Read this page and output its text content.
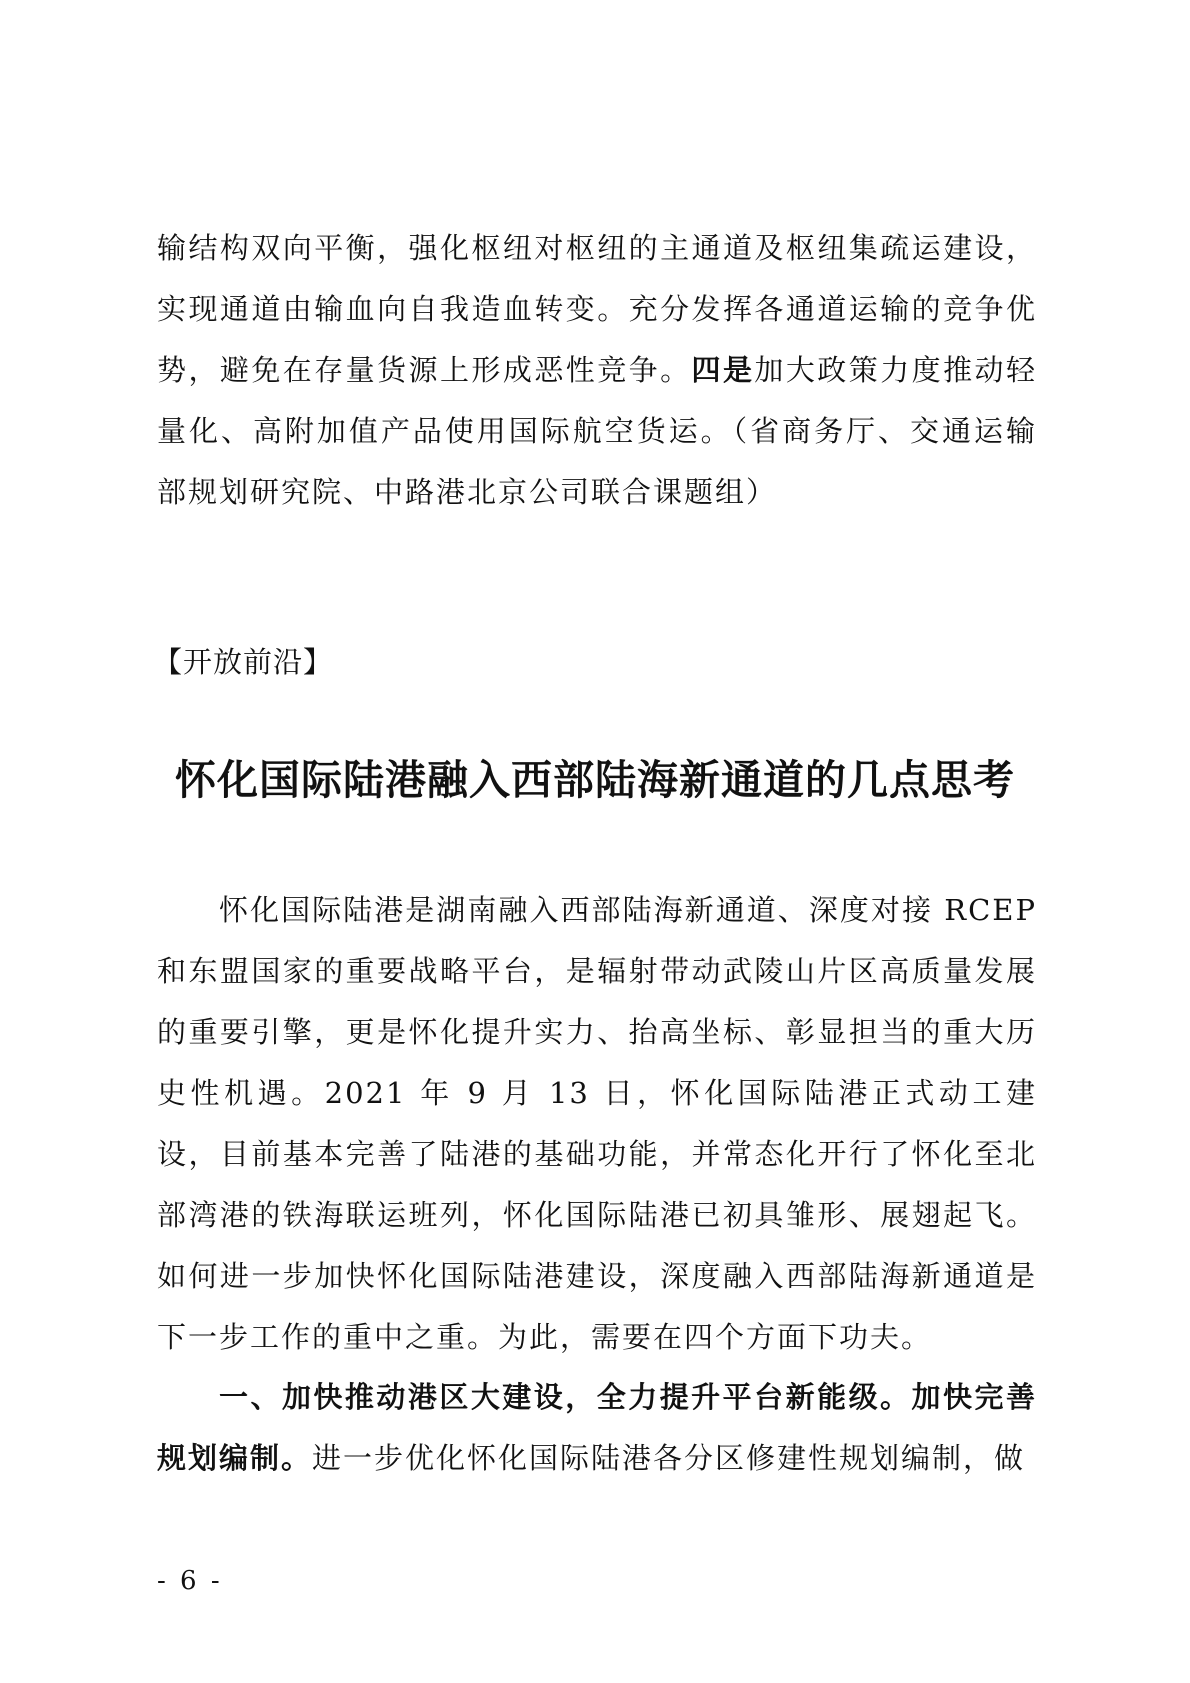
输结构双向平衡，强化枢纽对枢纽的主通道及枢纽集疏运建设，实现通道由输血向自我造血转变。充分发挥各通道运输的竞争优势，避免在存量货源上形成恶性竞争。四是加大政策力度推动轻量化、高附加值产品使用国际航空货运。（省商务厅、交通运输部规划研究院、中路港北京公司联合课题组）
【开放前沿】
怀化国际陆港融入西部陆海新通道的几点思考
怀化国际陆港是湖南融入西部陆海新通道、深度对接 RCEP 和东盟国家的重要战略平台，是辐射带动武陵山片区高质量发展的重要引擎，更是怀化提升实力、抬高坐标、彰显担当的重大历史性机遇。2021 年 9 月 13 日，怀化国际陆港正式动工建设，目前基本完善了陆港的基础功能，并常态化开行了怀化至北部湾港的铁海联运班列，怀化国际陆港已初具雏形、展翅起飞。如何进一步加快怀化国际陆港建设，深度融入西部陆海新通道是下一步工作的重中之重。为此，需要在四个方面下功夫。
一、加快推动港区大建设，全力提升平台新能级。加快完善规划编制。进一步优化怀化国际陆港各分区修建性规划编制，做
- 6 -
